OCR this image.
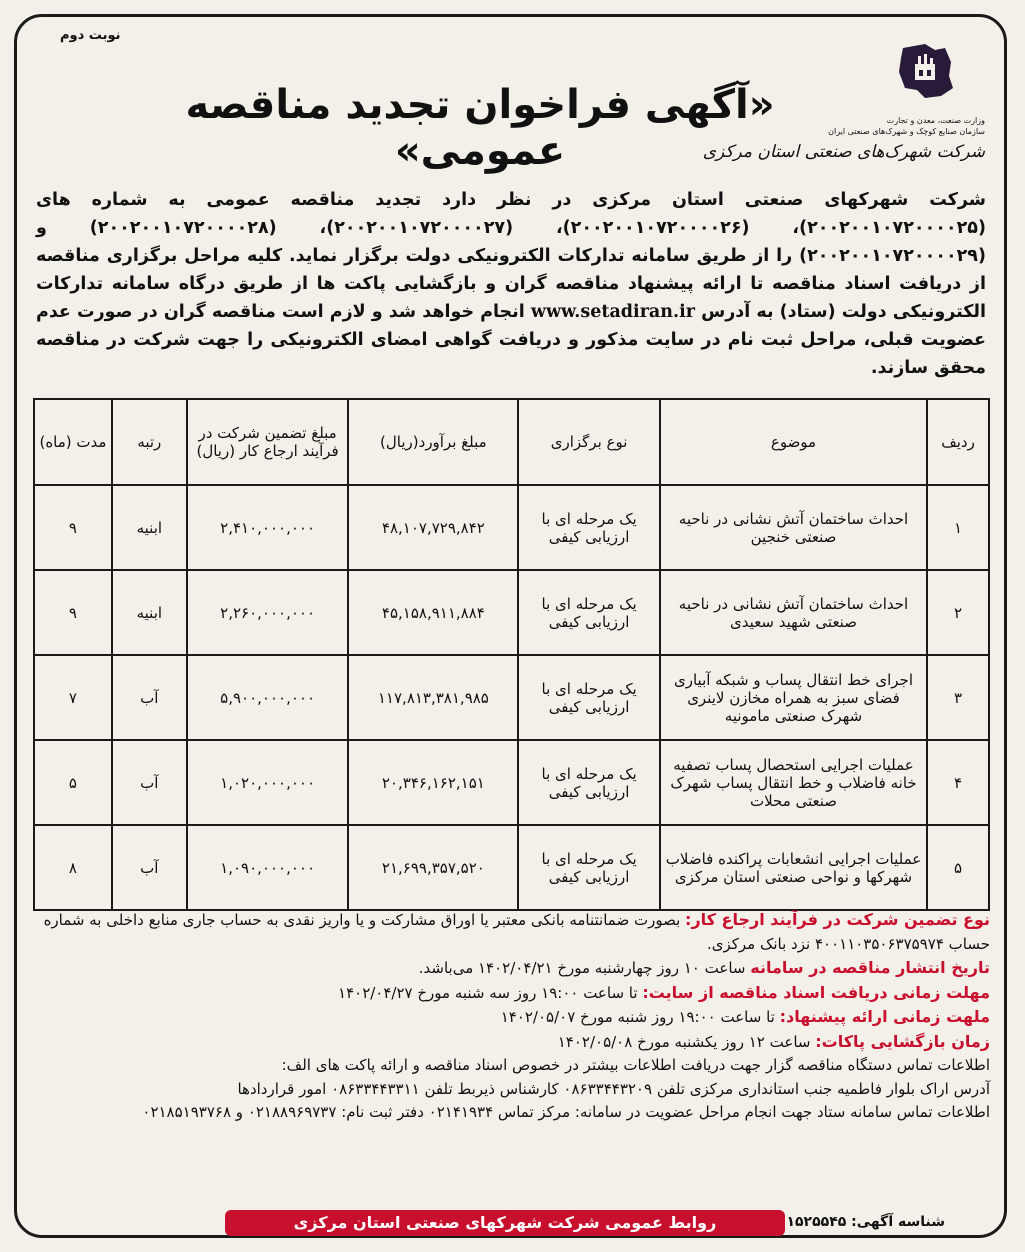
نوبت دوم
وزارت صنعت، معدن و تجارت
سازمان صنایع کوچک و شهرک‌های صنعتی ایران
شرکت شهرک‌های صنعتی استان مرکزی
«آگهی فراخوان تجدید مناقصه عمومی»
شرکت شهرکهای صنعتی استان مرکزی در نظر دارد تجدید مناقصه عمومی به شماره های (۲۰۰۲۰۰۱۰۷۲۰۰۰۰۲۵)، (۲۰۰۲۰۰۱۰۷۲۰۰۰۰۲۶)، (۲۰۰۲۰۰۱۰۷۲۰۰۰۰۲۷)، (۲۰۰۲۰۰۱۰۷۲۰۰۰۰۲۸) و (۲۰۰۲۰۰۱۰۷۲۰۰۰۰۲۹) را از طریق سامانه تدارکات الکترونیکی دولت برگزار نماید. کلیه مراحل برگزاری مناقصه از دریافت اسناد مناقصه تا ارائه پیشنهاد مناقصه گران و بازگشایی پاکت ها از طریق درگاه سامانه تدارکات الکترونیکی دولت (ستاد) به آدرس www.setadiran.ir انجام خواهد شد و لازم است مناقصه گران در صورت عدم عضویت قبلی، مراحل ثبت نام در سایت مذکور و دریافت گواهی امضای الکترونیکی را جهت شرکت در مناقصه محقق سازند.
ردیف	موضوع	نوع برگزاری	مبلغ برآورد(ریال)	مبلغ تضمین شرکت در فرآیند ارجاع کار (ریال)	رتبه	مدت (ماه)
۱	احداث ساختمان آتش نشانی در ناحیه صنعتی خنجین	یک مرحله ای با ارزیابی کیفی	۴۸,۱۰۷,۷۲۹,۸۴۲	۲,۴۱۰,۰۰۰,۰۰۰	ابنیه	۹
۲	احداث ساختمان آتش نشانی در ناحیه صنعتی شهید سعیدی	یک مرحله ای با ارزیابی کیفی	۴۵,۱۵۸,۹۱۱,۸۸۴	۲,۲۶۰,۰۰۰,۰۰۰	ابنیه	۹
۳	اجرای خط انتقال پساب و شبکه آبیاری فضای سبز به همراه مخازن لاینری شهرک صنعتی مامونیه	یک مرحله ای با ارزیابی کیفی	۱۱۷,۸۱۳,۳۸۱,۹۸۵	۵,۹۰۰,۰۰۰,۰۰۰	آب	۷
۴	عملیات اجرایی استحصال پساب تصفیه خانه فاضلاب و خط انتقال پساب شهرک صنعتی محلات	یک مرحله ای با ارزیابی کیفی	۲۰,۳۴۶,۱۶۲,۱۵۱	۱,۰۲۰,۰۰۰,۰۰۰	آب	۵
۵	عملیات اجرایی انشعابات پراکنده فاضلاب شهرکها و نواحی صنعتی استان مرکزی	یک مرحله ای با ارزیابی کیفی	۲۱,۶۹۹,۳۵۷,۵۲۰	۱,۰۹۰,۰۰۰,۰۰۰	آب	۸

نوع تضمین شرکت در فرآیند ارجاع کار: بصورت ضمانتنامه بانکی معتبر یا اوراق مشارکت و یا واریز نقدی به حساب جاری منابع داخلی به شماره حساب ۴۰۰۱۱۰۳۵۰۶۳۷۵۹۷۴ نزد بانک مرکزی.

تاریخ انتشار مناقصه در سامانه ساعت ۱۰ روز چهارشنبه مورخ ۱۴۰۲/۰۴/۲۱ می‌باشد.

مهلت زمانی دریافت اسناد مناقصه از سایت: تا ساعت ۱۹:۰۰ روز سه شنبه مورخ ۱۴۰۲/۰۴/۲۷

ملهت زمانی ارائه پیشنهاد: تا ساعت ۱۹:۰۰ روز شنبه مورخ ۱۴۰۲/۰۵/۰۷

زمان بازگشایی پاکات: ساعت ۱۲ روز یکشنبه مورخ ۱۴۰۲/۰۵/۰۸

اطلاعات تماس دستگاه مناقصه گزار جهت دریافت اطلاعات بیشتر در خصوص اسناد مناقصه و ارائه پاکت های الف:

آدرس اراک بلوار فاطمیه جنب استانداری مرکزی تلفن ۰۸۶۳۳۴۴۳۲۰۹ کارشناس ذیربط تلفن ۰۸۶۳۳۴۴۳۳۱۱ امور قراردادها

اطلاعات تماس سامانه ستاد جهت انجام مراحل عضویت در سامانه: مرکز تماس ۰۲۱۴۱۹۳۴ دفتر ثبت نام: ۰۲۱۸۸۹۶۹۷۳۷ و ۰۲۱۸۵۱۹۳۷۶۸

شناسه آگهی: ۱۵۲۵۵۴۵
روابط عمومی شرکت شهرکهای صنعتی استان مرکزی
